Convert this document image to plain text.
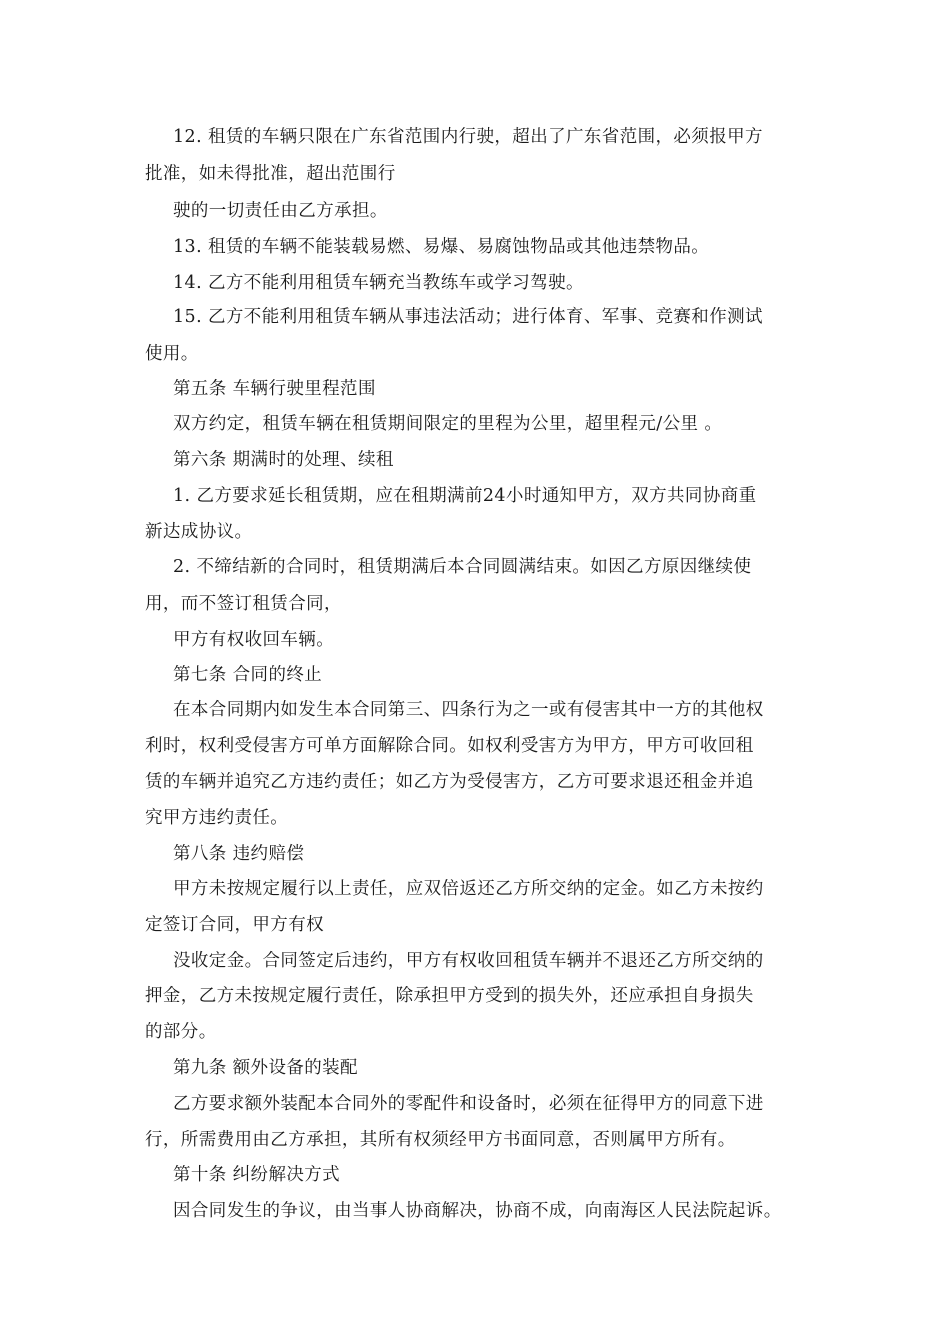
12. 租赁的车辆只限在广东省范围内行驶，超出了广东省范围，必须报甲方
批准，如未得批准，超出范围行
驶的一切责任由乙方承担。
13. 租赁的车辆不能装载易燃、易爆、易腐蚀物品或其他违禁物品。
14. 乙方不能利用租赁车辆充当教练车或学习驾驶。
15. 乙方不能利用租赁车辆从事违法活动；进行体育、军事、竞赛和作测试
使用。
第五条 车辆行驶里程范围
双方约定，租赁车辆在租赁期间限定的里程为公里，超里程元/公里 。
第六条 期满时的处理、续租
1. 乙方要求延长租赁期，应在租期满前24小时通知甲方，双方共同协商重
新达成协议。
2. 不缔结新的合同时，租赁期满后本合同圆满结束。如因乙方原因继续使
用，而不签订租赁合同，
甲方有权收回车辆。
第七条 合同的终止
在本合同期内如发生本合同第三、四条行为之一或有侵害其中一方的其他权
利时，权利受侵害方可单方面解除合同。如权利受害方为甲方，甲方可收回租
赁的车辆并追究乙方违约责任；如乙方为受侵害方，乙方可要求退还租金并追
究甲方违约责任。
第八条 违约赔偿
甲方未按规定履行以上责任，应双倍返还乙方所交纳的定金。如乙方未按约
定签订合同，甲方有权
没收定金。合同签定后违约，甲方有权收回租赁车辆并不退还乙方所交纳的
押金，乙方未按规定履行责任，除承担甲方受到的损失外，还应承担自身损失
的部分。
第九条 额外设备的装配
乙方要求额外装配本合同外的零配件和设备时，必须在征得甲方的同意下进
行，所需费用由乙方承担，其所有权须经甲方书面同意，否则属甲方所有。
第十条 纠纷解决方式
因合同发生的争议，由当事人协商解决，协商不成，向南海区人民法院起诉。
